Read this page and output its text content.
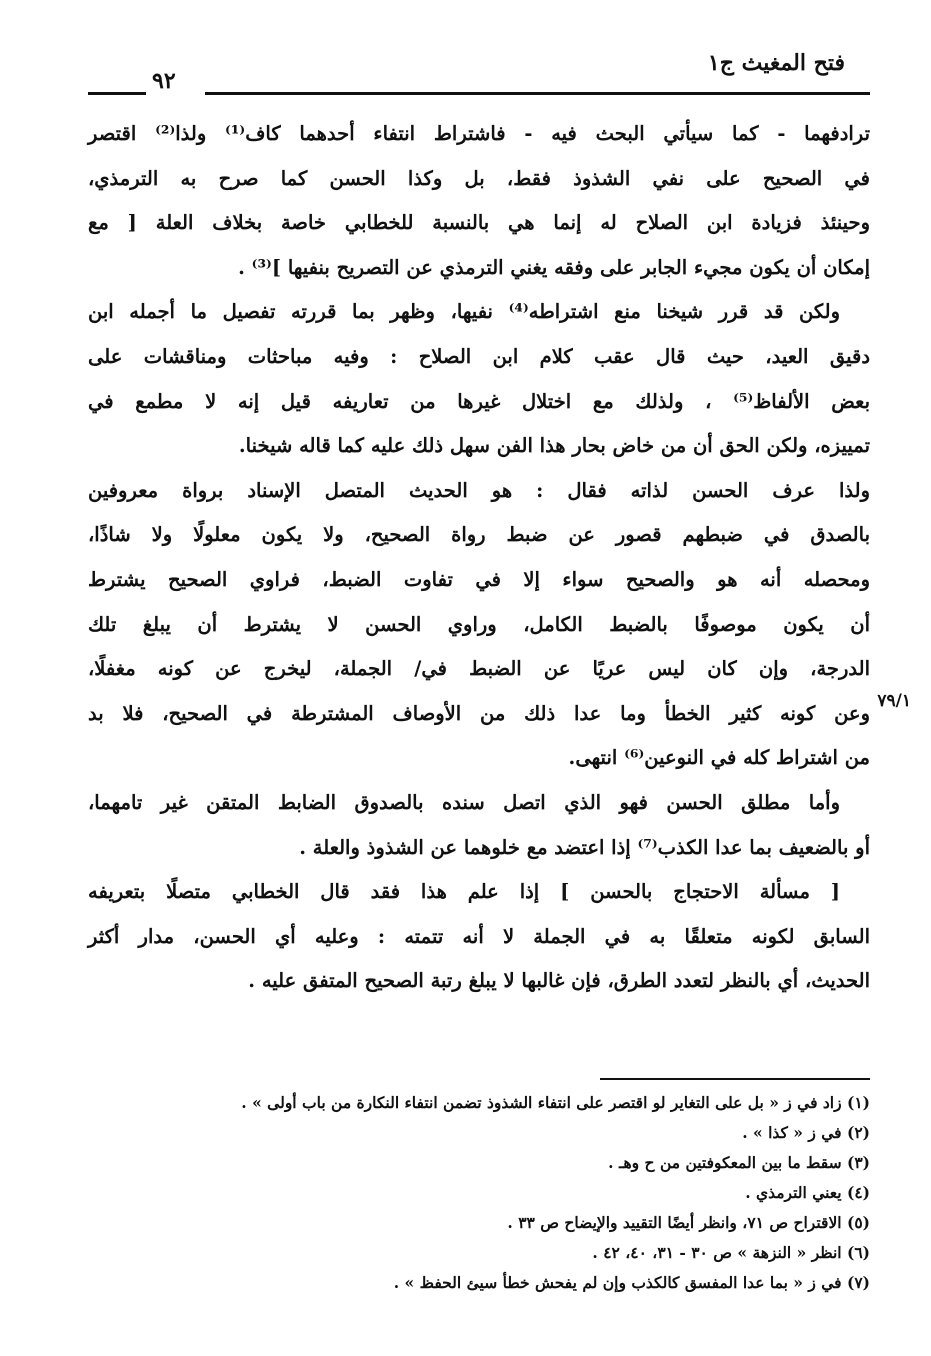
فتح المغيث ج١
٩٢
ترادفهما - كما سيأتي البحث فيه - فاشتراط انتفاء أحدهما كاف⁽¹⁾ ولذا⁽²⁾ اقتصر
في الصحيح على نفي الشذوذ فقط، بل وكذا الحسن كما صرح به الترمذي،
وحينئذ فزيادة ابن الصلاح له إنما هي بالنسبة للخطابي خاصة بخلاف العلة [ مع
إمكان أن يكون مجيء الجابر على وفقه يغني الترمذي عن التصريح بنفيها ]⁽³⁾ .
ولكن قد قرر شيخنا منع اشتراطه⁽⁴⁾ نفيها، وظهر بما قررته تفصيل ما أجمله ابن
دقيق العيد، حيث قال عقب كلام ابن الصلاح : وفيه مباحثات ومناقشات على
بعض الألفاظ⁽⁵⁾ ، ولذلك مع اختلال غيرها من تعاريفه قيل إنه لا مطمع في
تمييزه، ولكن الحق أن من خاض بحار هذا الفن سهل ذلك عليه كما قاله شيخنا.
ولذا عرف الحسن لذاته فقال : هو الحديث المتصل الإسناد برواة معروفين
بالصدق في ضبطهم قصور عن ضبط رواة الصحيح، ولا يكون معلولًا ولا شاذًا،
ومحصله أنه هو والصحيح سواء إلا في تفاوت الضبط، فراوي الصحيح يشترط
أن يكون موصوفًا بالضبط الكامل، وراوي الحسن لا يشترط أن يبلغ تلك
الدرجة، وإن كان ليس عريًا عن الضبط في/ الجملة، ليخرج عن كونه مغفلًا،
وعن كونه كثير الخطأ وما عدا ذلك من الأوصاف المشترطة في الصحيح، فلا بد
من اشتراط كله في النوعين⁽⁶⁾ انتهى.
وأما مطلق الحسن فهو الذي اتصل سنده بالصدوق الضابط المتقن غير تامهما،
أو بالضعيف بما عدا الكذب⁽⁷⁾ إذا اعتضد مع خلوهما عن الشذوذ والعلة .
[ مسألة الاحتجاج بالحسن ] إذا علم هذا فقد قال الخطابي متصلًا بتعريفه
السابق لكونه متعلقًا به في الجملة لا أنه تتمته : وعليه أي الحسن، مدار أكثر
الحديث، أي بالنظر لتعدد الطرق، فإن غالبها لا يبلغ رتبة الصحيح المتفق عليه .
٧٩/١
(١) زاد في ز « بل على التغاير لو اقتصر على انتفاء الشذوذ تضمن انتفاء النكارة من باب أولى » .
(٢) في ز « كذا » .
(٣) سقط ما بين المعكوفتين من ح وهـ .
(٤) يعني الترمذي .
(٥) الاقتراح ص ٧١، وانظر أيضًا التقييد والإيضاح ص ٣٣ .
(٦) انظر « النزهة » ص ٣٠ - ٣١، ٤٠، ٤٢ .
(٧) في ز « بما عدا المفسق كالكذب وإن لم يفحش خطأ سيئ الحفظ » .
